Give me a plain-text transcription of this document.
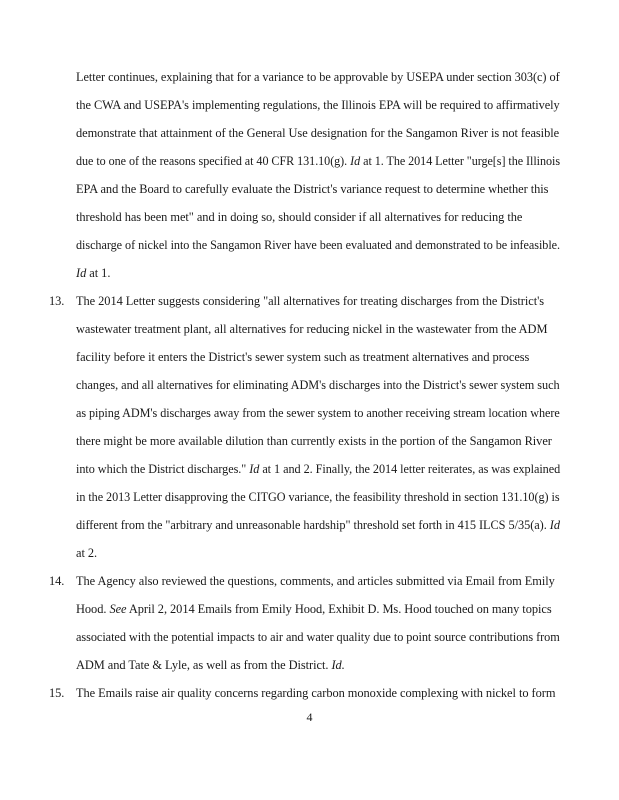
Letter continues, explaining that for a variance to be approvable by USEPA under section 303(c) of
the CWA and USEPA's implementing regulations, the Illinois EPA will be required to affirmatively
demonstrate that attainment of the General Use designation for the Sangamon River is not feasible
due to one of the reasons specified at 40 CFR 131.10(g). Id at 1. The 2014 Letter "urge[s] the Illinois
EPA and the Board to carefully evaluate the District's variance request to determine whether this
threshold has been met" and in doing so, should consider if all alternatives for reducing the
discharge of nickel into the Sangamon River have been evaluated and demonstrated to be infeasible.
Id at 1.
13. The 2014 Letter suggests considering "all alternatives for treating discharges from the District's
wastewater treatment plant, all alternatives for reducing nickel in the wastewater from the ADM
facility before it enters the District's sewer system such as treatment alternatives and process
changes, and all alternatives for eliminating ADM's discharges into the District's sewer system such
as piping ADM's discharges away from the sewer system to another receiving stream location where
there might be more available dilution than currently exists in the portion of the Sangamon River
into which the District discharges." Id at 1 and 2. Finally, the 2014 letter reiterates, as was explained
in the 2013 Letter disapproving the CITGO variance, the feasibility threshold in section 131.10(g) is
different from the "arbitrary and unreasonable hardship" threshold set forth in 415 ILCS 5/35(a). Id
at 2.
14. The Agency also reviewed the questions, comments, and articles submitted via Email from Emily
Hood. See April 2, 2014 Emails from Emily Hood, Exhibit D. Ms. Hood touched on many topics
associated with the potential impacts to air and water quality due to point source contributions from
ADM and Tate & Lyle, as well as from the District. Id.
15. The Emails raise air quality concerns regarding carbon monoxide complexing with nickel to form
4
